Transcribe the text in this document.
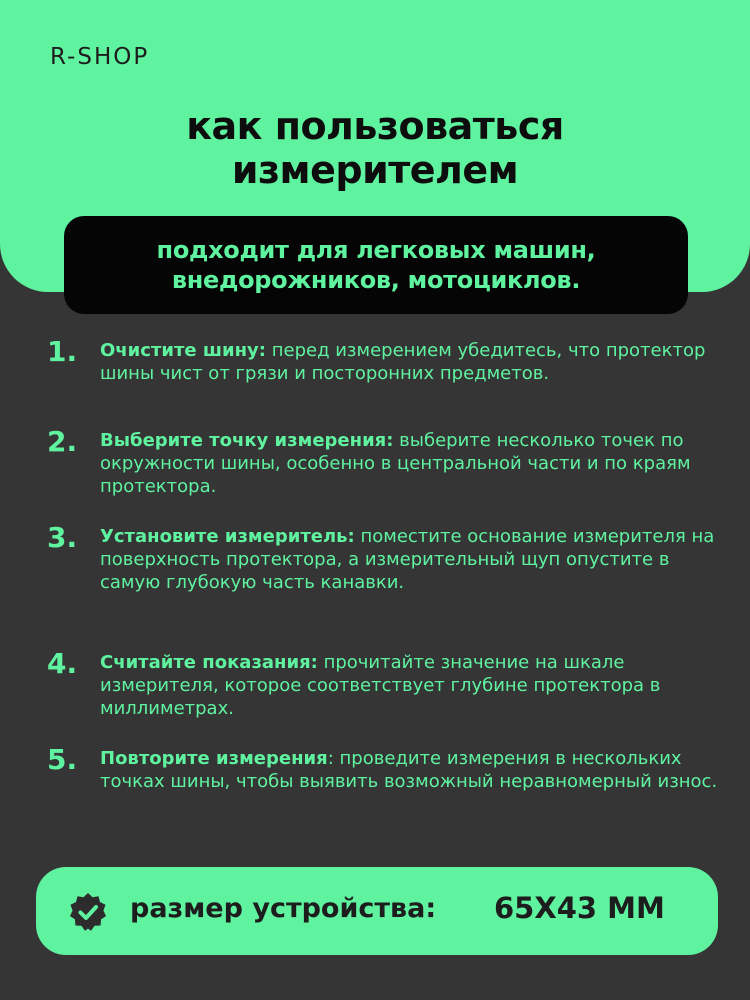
R-SHOP
как пользоваться
измерителем
подходит для легковых машин,
внедорожников, мотоциклов.
1. Очистите шину: перед измерением убедитесь, что протектор шины чист от грязи и посторонних предметов.
2. Выберите точку измерения: выберите несколько точек по окружности шины, особенно в центральной части и по краям протектора.
3. Установите измеритель: поместите основание измерителя на поверхность протектора, а измерительный щуп опустите в самую глубокую часть канавки.
4. Считайте показания: прочитайте значение на шкале измерителя, которое соответствует глубине протектора в миллиметрах.
5. Повторите измерения: проведите измерения в нескольких точках шины, чтобы выявить возможный неравномерный износ.
размер устройства: 65X43 MM
